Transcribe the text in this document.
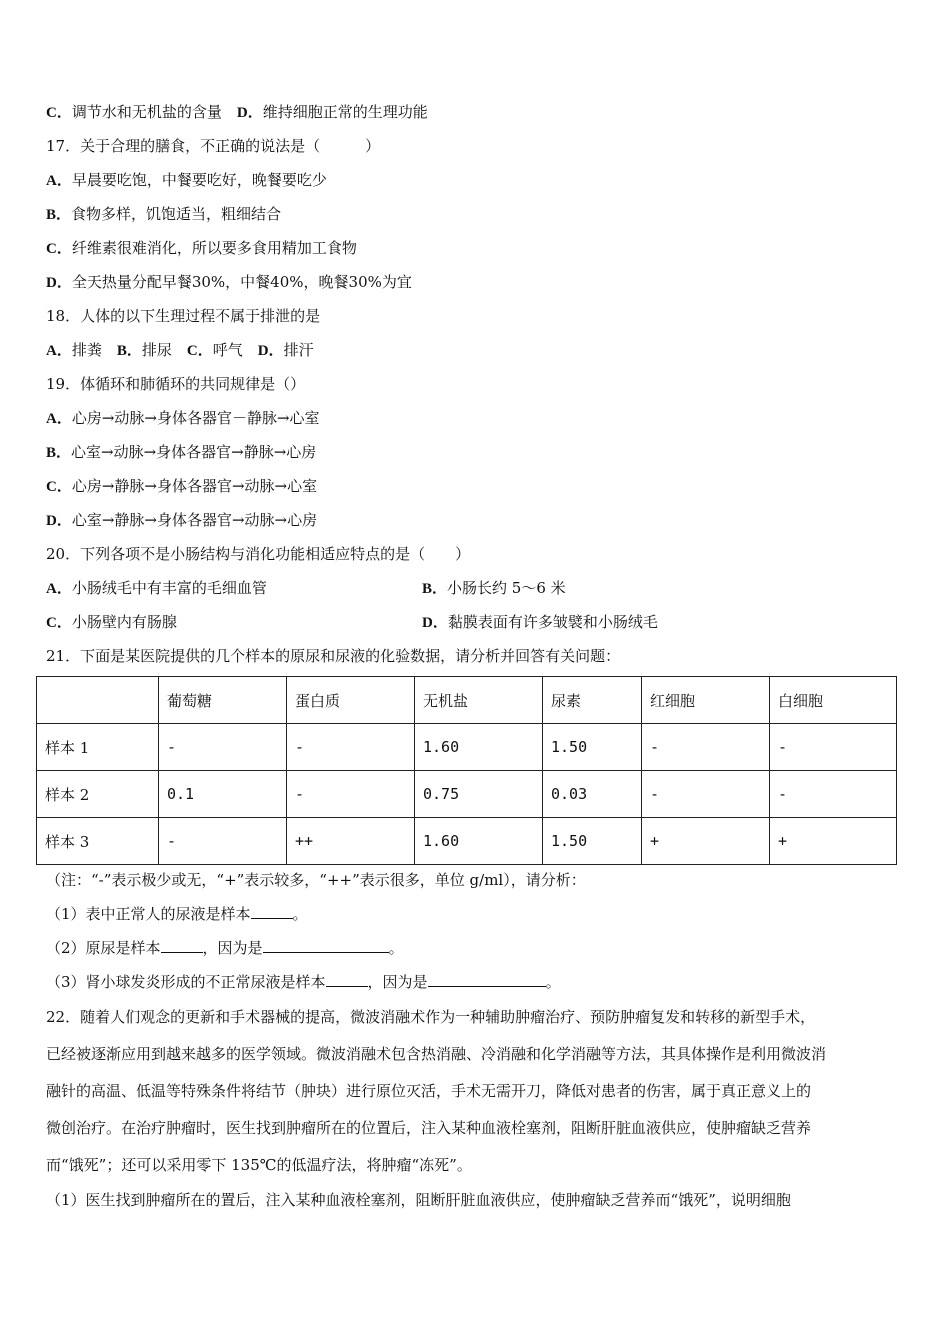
C．调节水和无机盐的含量　 D．维持细胞正常的生理功能
17．关于合理的膳食，不正确的说法是（　　　）
A．早晨要吃饱，中餐要吃好，晚餐要吃少
B．食物多样，饥饱适当，粗细结合
C．纤维素很难消化，所以要多食用精加工食物
D．全天热量分配早餐30%，中餐40%，晚餐30%为宜
18．人体的以下生理过程不属于排泄的是
A．排粪　 B．排尿　 C．呼气　 D．排汗
19．体循环和肺循环的共同规律是（）
A．心房→动脉→身体各器官－静脉→心室
B．心室→动脉→身体各器官→静脉→心房
C．心房→静脉→身体各器官→动脉→心室
D．心室→静脉→身体各器官→动脉→心房
20．下列各项不是小肠结构与消化功能相适应特点的是（　　）
A．小肠绒毛中有丰富的毛细血管	B．小肠长约 5～6 米
C．小肠壁内有肠腺	D．黏膜表面有许多皱襞和小肠绒毛
21．下面是某医院提供的几个样本的原尿和尿液的化验数据，请分析并回答有关问题：
	葡萄糖	蛋白质	无机盐	尿素	红细胞	白细胞
样本 1	-	-	1.60	1.50	-	-
样本 2	0.1	-	0.75	0.03	-	-
样本 3	-	++	1.60	1.50	+	+
（注：“-”表示极少或无，“+”表示较多，“++”表示很多，单位 g/ml），请分析：
（1）表中正常人的尿液是样本	。
（2）原尿是样本	，因为是	。
（3）肾小球发炎形成的不正常尿液是样本	，因为是	。
22．随着人们观念的更新和手术器械的提高，微波消融术作为一种辅助肿瘤治疗、预防肿瘤复发和转移的新型手术，
已经被逐渐应用到越来越多的医学领域。微波消融术包含热消融、冷消融和化学消融等方法，其具体操作是利用微波消
融针的高温、低温等特殊条件将结节（肿块）进行原位灭活，手术无需开刀，降低对患者的伤害，属于真正意义上的
微创治疗。在治疗肿瘤时，医生找到肿瘤所在的位置后，注入某种血液栓塞剂，阻断肝脏血液供应，使肿瘤缺乏营养
而“饿死”；还可以采用零下 135℃的低温疗法，将肿瘤“冻死”。
（1）医生找到肿瘤所在的置后，注入某种血液栓塞剂，阻断肝脏血液供应，使肿瘤缺乏营养而“饿死”，说明细胞
